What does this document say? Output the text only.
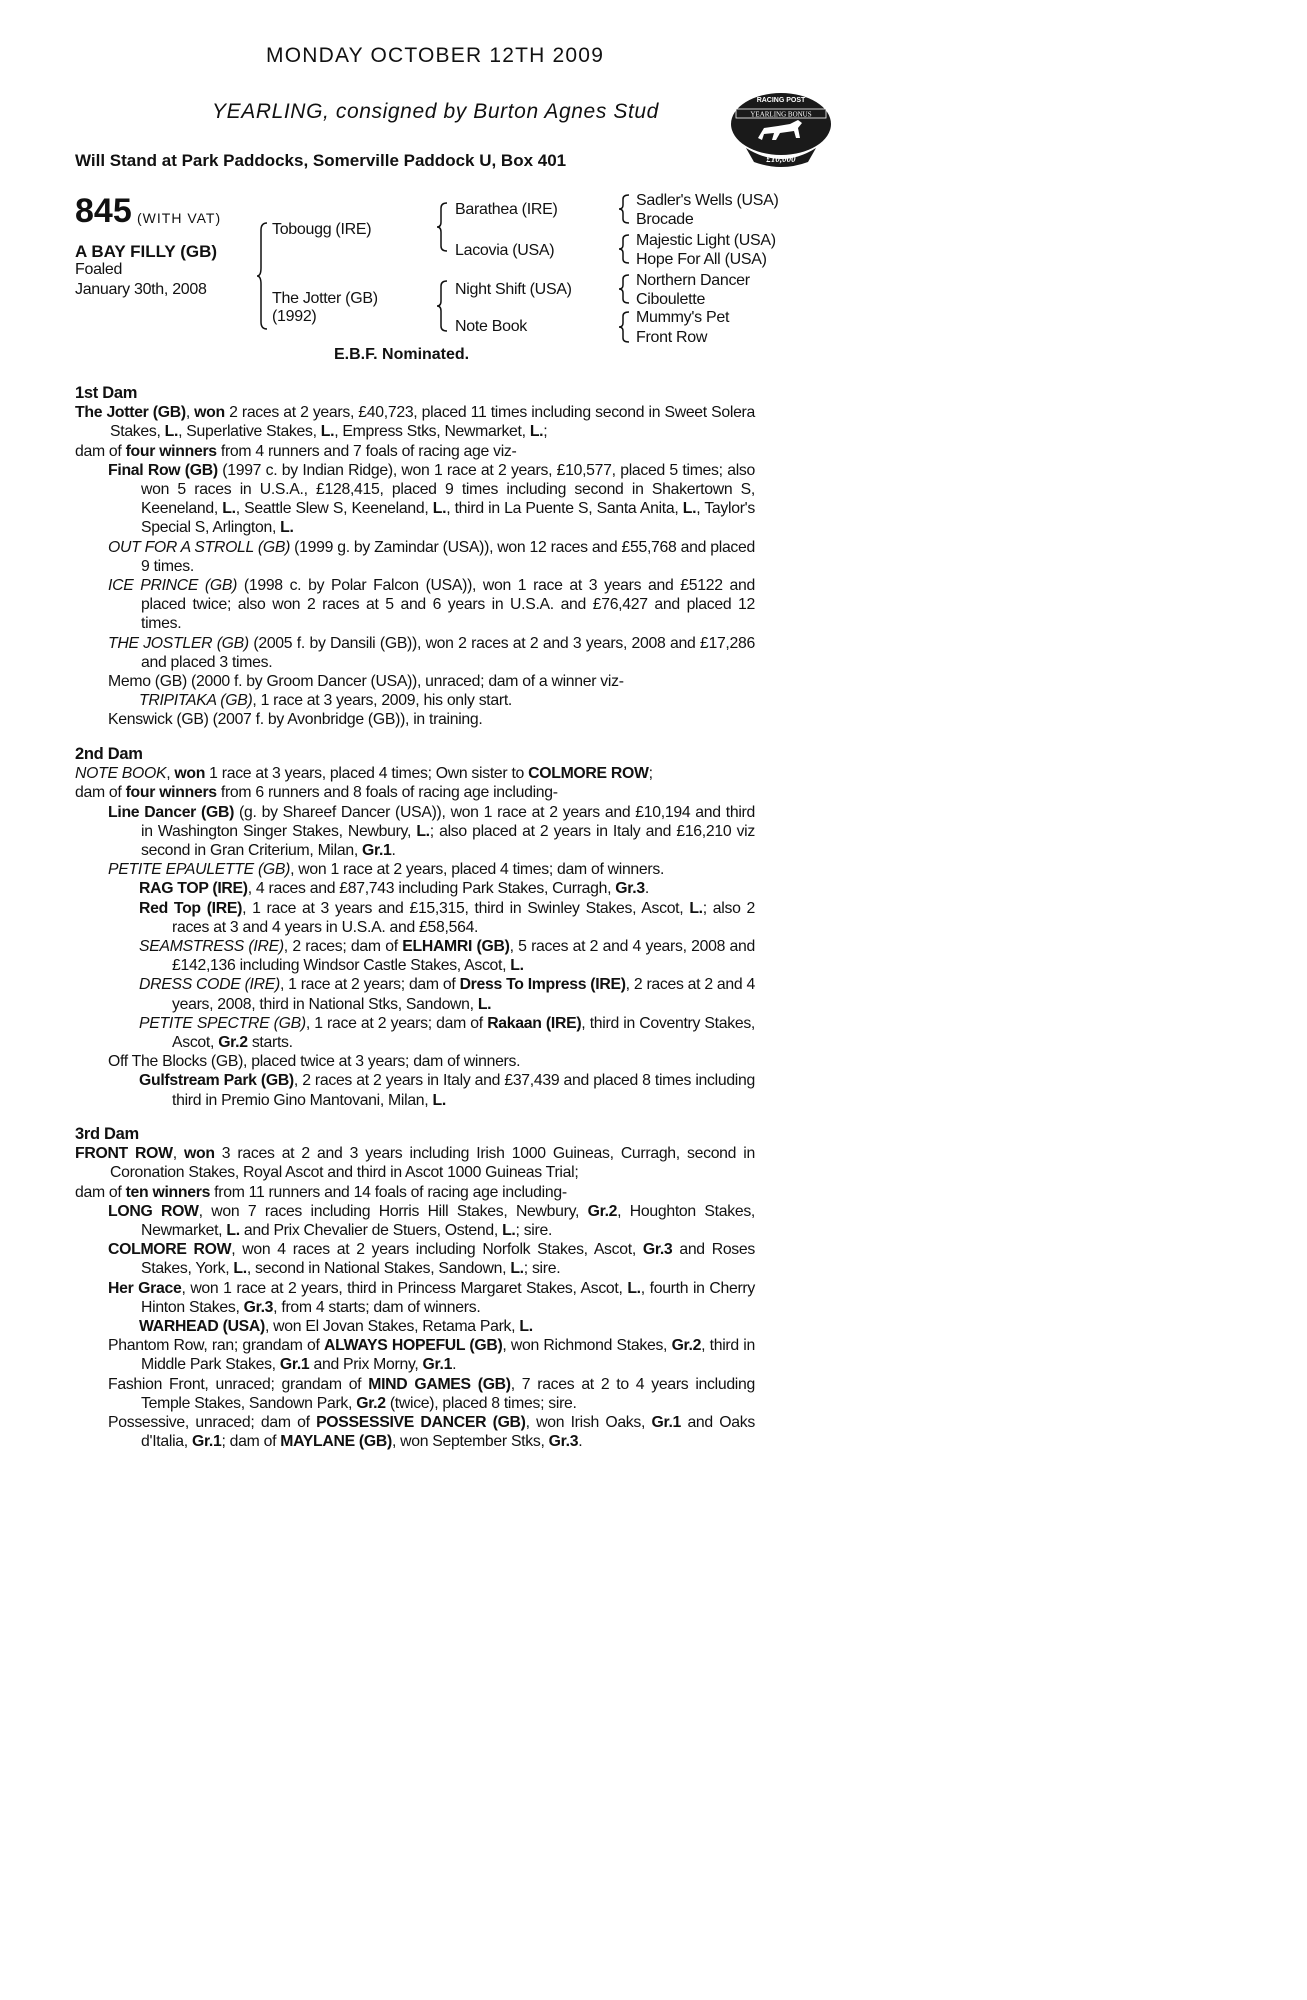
MONDAY OCTOBER 12TH 2009
YEARLING, consigned by Burton Agnes Stud
Will Stand at Park Paddocks, Somerville Paddock U, Box 401
RACING POST
YEARLING BONUS
£10,000
845 (WITH VAT)
A BAY FILLY (GB)
Foaled
January 30th, 2008
Tobougg (IRE)
The Jotter (GB)
(1992)
Barathea (IRE)
Lacovia (USA)
Night Shift (USA)
Note Book
Sadler's Wells (USA)
Brocade
Majestic Light (USA)
Hope For All (USA)
Northern Dancer
Ciboulette
Mummy's Pet
Front Row
E.B.F. Nominated.

1st Dam

The Jotter (GB), won 2 races at 2 years, £40,723, placed 11 times including second in Sweet Solera Stakes, L., Superlative Stakes, L., Empress Stks, Newmarket, L.;

dam of four winners from 4 runners and 7 foals of racing age viz-

Final Row (GB) (1997 c. by Indian Ridge), won 1 race at 2 years, £10,577, placed 5 times; also won 5 races in U.S.A., £128,415, placed 9 times including second in Shakertown S, Keeneland, L., Seattle Slew S, Keeneland, L., third in La Puente S, Santa Anita, L., Taylor's Special S, Arlington, L.

OUT FOR A STROLL (GB) (1999 g. by Zamindar (USA)), won 12 races and £55,768 and placed 9 times.

ICE PRINCE (GB) (1998 c. by Polar Falcon (USA)), won 1 race at 3 years and £5122 and placed twice; also won 2 races at 5 and 6 years in U.S.A. and £76,427 and placed 12 times.

THE JOSTLER (GB) (2005 f. by Dansili (GB)), won 2 races at 2 and 3 years, 2008 and £17,286 and placed 3 times.

Memo (GB) (2000 f. by Groom Dancer (USA)), unraced; dam of a winner viz-

TRIPITAKA (GB), 1 race at 3 years, 2009, his only start.

Kenswick (GB) (2007 f. by Avonbridge (GB)), in training.

2nd Dam

NOTE BOOK, won 1 race at 3 years, placed 4 times; Own sister to COLMORE ROW;

dam of four winners from 6 runners and 8 foals of racing age including-

Line Dancer (GB) (g. by Shareef Dancer (USA)), won 1 race at 2 years and £10,194 and third in Washington Singer Stakes, Newbury, L.; also placed at 2 years in Italy and £16,210 viz second in Gran Criterium, Milan, Gr.1.

PETITE EPAULETTE (GB), won 1 race at 2 years, placed 4 times; dam of winners.

RAG TOP (IRE), 4 races and £87,743 including Park Stakes, Curragh, Gr.3.

Red Top (IRE), 1 race at 3 years and £15,315, third in Swinley Stakes, Ascot, L.; also 2 races at 3 and 4 years in U.S.A. and £58,564.

SEAMSTRESS (IRE), 2 races; dam of ELHAMRI (GB), 5 races at 2 and 4 years, 2008 and £142,136 including Windsor Castle Stakes, Ascot, L.

DRESS CODE (IRE), 1 race at 2 years; dam of Dress To Impress (IRE), 2 races at 2 and 4 years, 2008, third in National Stks, Sandown, L.

PETITE SPECTRE (GB), 1 race at 2 years; dam of Rakaan (IRE), third in Coventry Stakes, Ascot, Gr.2 starts.

Off The Blocks (GB), placed twice at 3 years; dam of winners.

Gulfstream Park (GB), 2 races at 2 years in Italy and £37,439 and placed 8 times including third in Premio Gino Mantovani, Milan, L.

3rd Dam

FRONT ROW, won 3 races at 2 and 3 years including Irish 1000 Guineas, Curragh, second in Coronation Stakes, Royal Ascot and third in Ascot 1000 Guineas Trial;

dam of ten winners from 11 runners and 14 foals of racing age including-

LONG ROW, won 7 races including Horris Hill Stakes, Newbury, Gr.2, Houghton Stakes, Newmarket, L. and Prix Chevalier de Stuers, Ostend, L.; sire.

COLMORE ROW, won 4 races at 2 years including Norfolk Stakes, Ascot, Gr.3 and Roses Stakes, York, L., second in National Stakes, Sandown, L.; sire.

Her Grace, won 1 race at 2 years, third in Princess Margaret Stakes, Ascot, L., fourth in Cherry Hinton Stakes, Gr.3, from 4 starts; dam of winners.

WARHEAD (USA), won El Jovan Stakes, Retama Park, L.

Phantom Row, ran; grandam of ALWAYS HOPEFUL (GB), won Richmond Stakes, Gr.2, third in Middle Park Stakes, Gr.1 and Prix Morny, Gr.1.

Fashion Front, unraced; grandam of MIND GAMES (GB), 7 races at 2 to 4 years including Temple Stakes, Sandown Park, Gr.2 (twice), placed 8 times; sire.

Possessive, unraced; dam of POSSESSIVE DANCER (GB), won Irish Oaks, Gr.1 and Oaks d'Italia, Gr.1; dam of MAYLANE (GB), won September Stks, Gr.3.
